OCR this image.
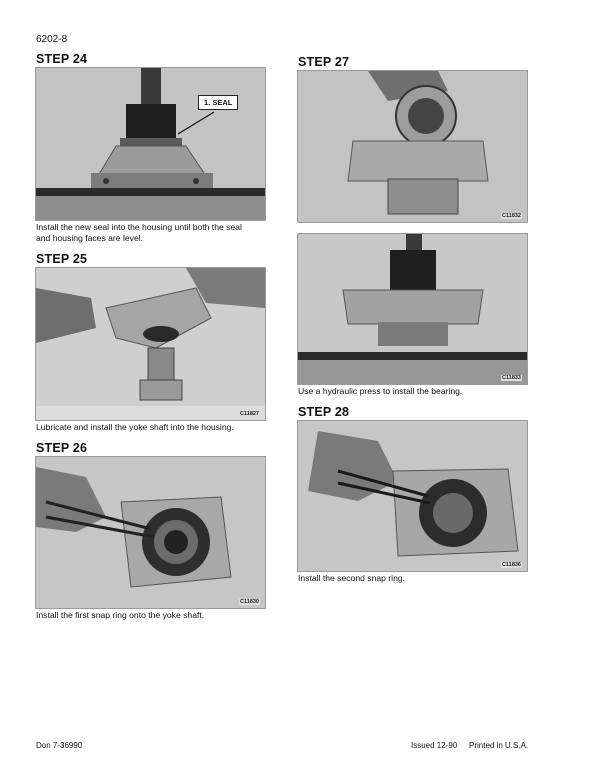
6202-8
STEP 24
1. SEAL
Install the new seal into the housing until both the seal
and housing faces are level.
STEP 25
C11827
Lubricate and install the yoke shaft into the housing.
STEP 26
C11830
Install the first snap ring onto the yoke shaft.
STEP 27
C11832
C11833
Use a hydraulic press to install the bearing.
STEP 28
C11836
Install the second snap ring.
Don 7-36990	Issued 12-90 Printed in U.S.A.
